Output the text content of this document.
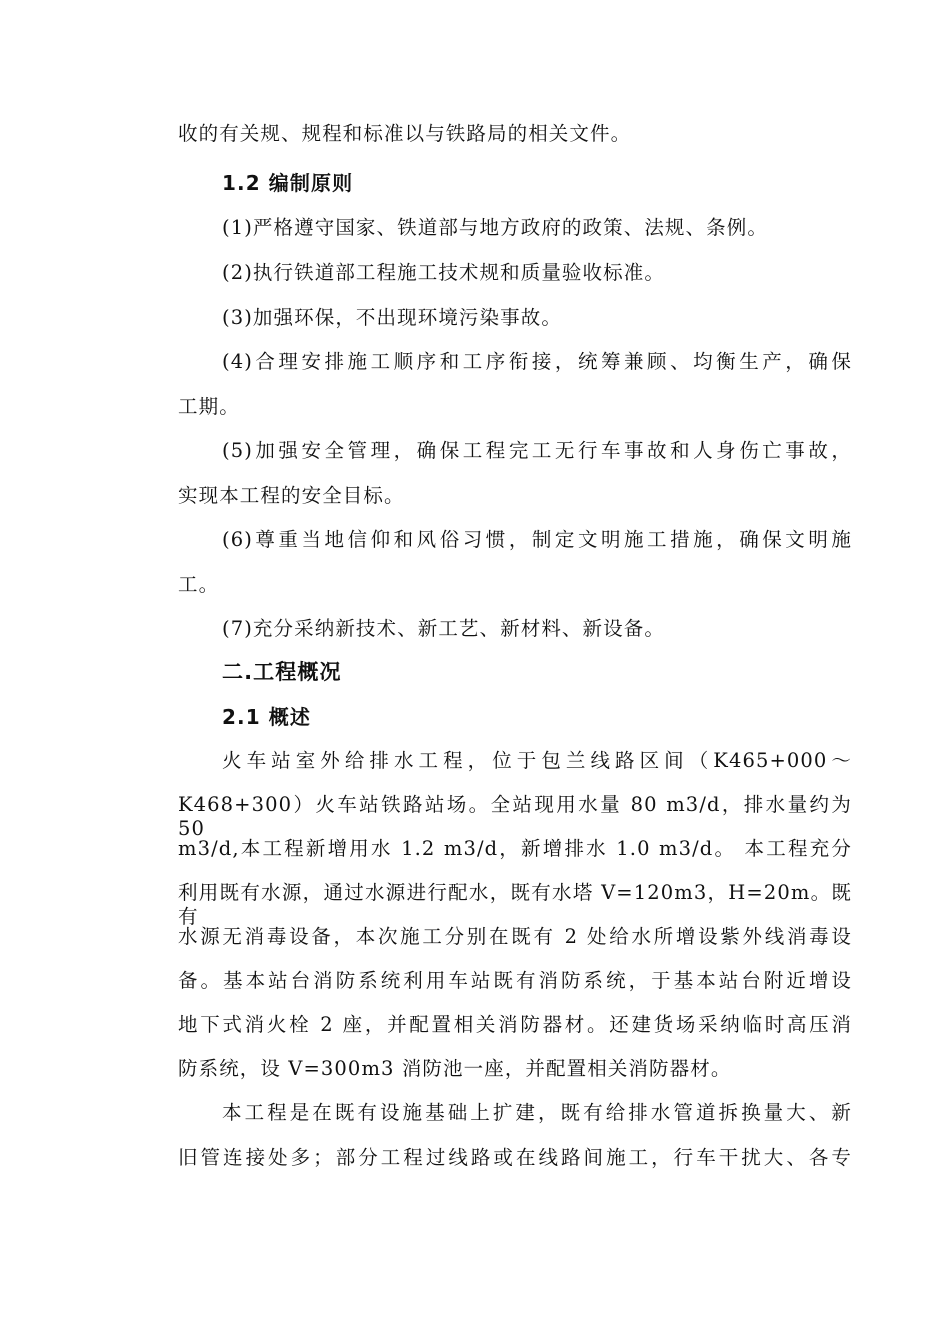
收的有关规、规程和标准以与铁路局的相关文件。
1.2 编制原则
(1)严格遵守国家、铁道部与地方政府的政策、法规、条例。
(2)执行铁道部工程施工技术规和质量验收标准。
(3)加强环保，不出现环境污染事故。
(4)合理安排施工顺序和工序衔接，统筹兼顾、均衡生产，确保
工期。
(5)加强安全管理，确保工程完工无行车事故和人身伤亡事故，
实现本工程的安全目标。
(6)尊重当地信仰和风俗习惯，制定文明施工措施，确保文明施
工。
(7)充分采纳新技术、新工艺、新材料、新设备。
二.工程概况
2.1 概述
火车站室外给排水工程，位于包兰线路区间（K465+000～
K468+300）火车站铁路站场。全站现用水量 80 m3/d，排水量约为 50
m3/d,本工程新增用水 1.2 m3/d，新增排水 1.0 m3/d。 本工程充分
利用既有水源，通过水源进行配水，既有水塔 V=120m3，H=20m。既有
水源无消毒设备，本次施工分别在既有 2 处给水所增设紫外线消毒设
备。基本站台消防系统利用车站既有消防系统，于基本站台附近增设
地下式消火栓 2 座，并配置相关消防器材。还建货场采纳临时高压消
防系统，设 V=300m3 消防池一座，并配置相关消防器材。
本工程是在既有设施基础上扩建，既有给排水管道拆换量大、新
旧管连接处多；部分工程过线路或在线路间施工，行车干扰大、各专
